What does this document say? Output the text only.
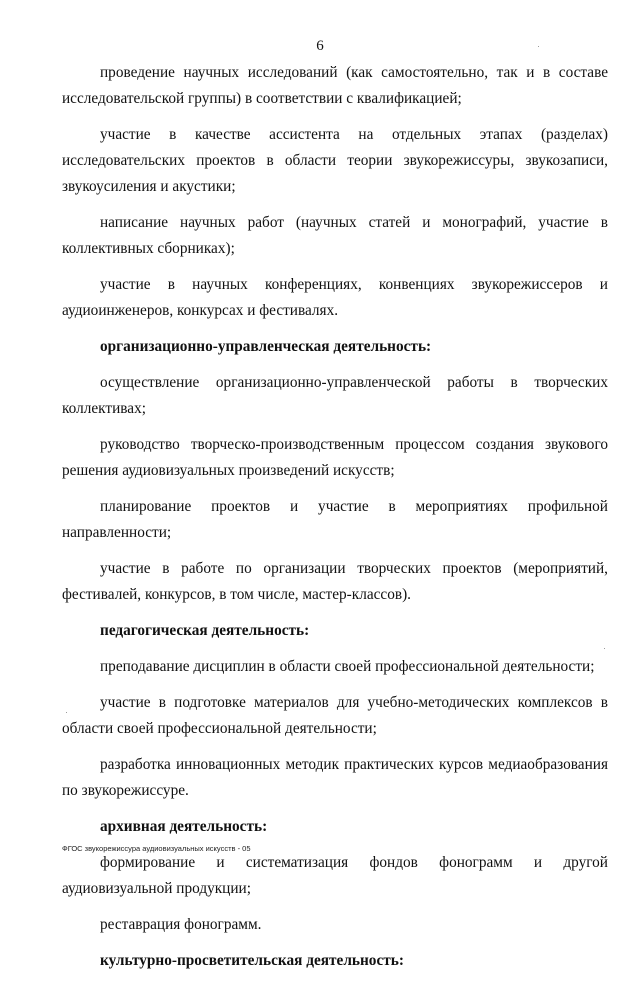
6

проведение научных исследований (как самостоятельно, так и в составе исследовательской группы) в соответствии с квалификацией;

участие в качестве ассистента на отдельных этапах (разделах) исследовательских проектов в области теории звукорежиссуры, звукозаписи, звукоусиления и акустики;

написание научных работ (научных статей и монографий, участие в коллективных сборниках);

участие в научных конференциях, конвенциях звукорежиссеров и аудиоинженеров, конкурсах и фестивалях.

организационно-управленческая деятельность:

осуществление организационно-управленческой работы в творческих коллективах;

руководство творческо-производственным процессом создания звукового решения аудиовизуальных произведений искусств;

планирование проектов и участие в мероприятиях профильной направленности;

участие в работе по организации творческих проектов (мероприятий, фестивалей, конкурсов, в том числе, мастер-классов).

педагогическая деятельность:

преподавание дисциплин в области своей профессиональной деятельности;

участие в подготовке материалов для учебно-методических комплексов в области своей профессиональной деятельности;

разработка инновационных методик практических курсов медиаобразования по звукорежиссуре.

архивная деятельность:

формирование и систематизация фондов фонограмм и другой аудиовизуальной продукции;

реставрация фонограмм.

культурно-просветительская деятельность:

ФГОС звукорежиссура аудиовизуальных искусств - 05
